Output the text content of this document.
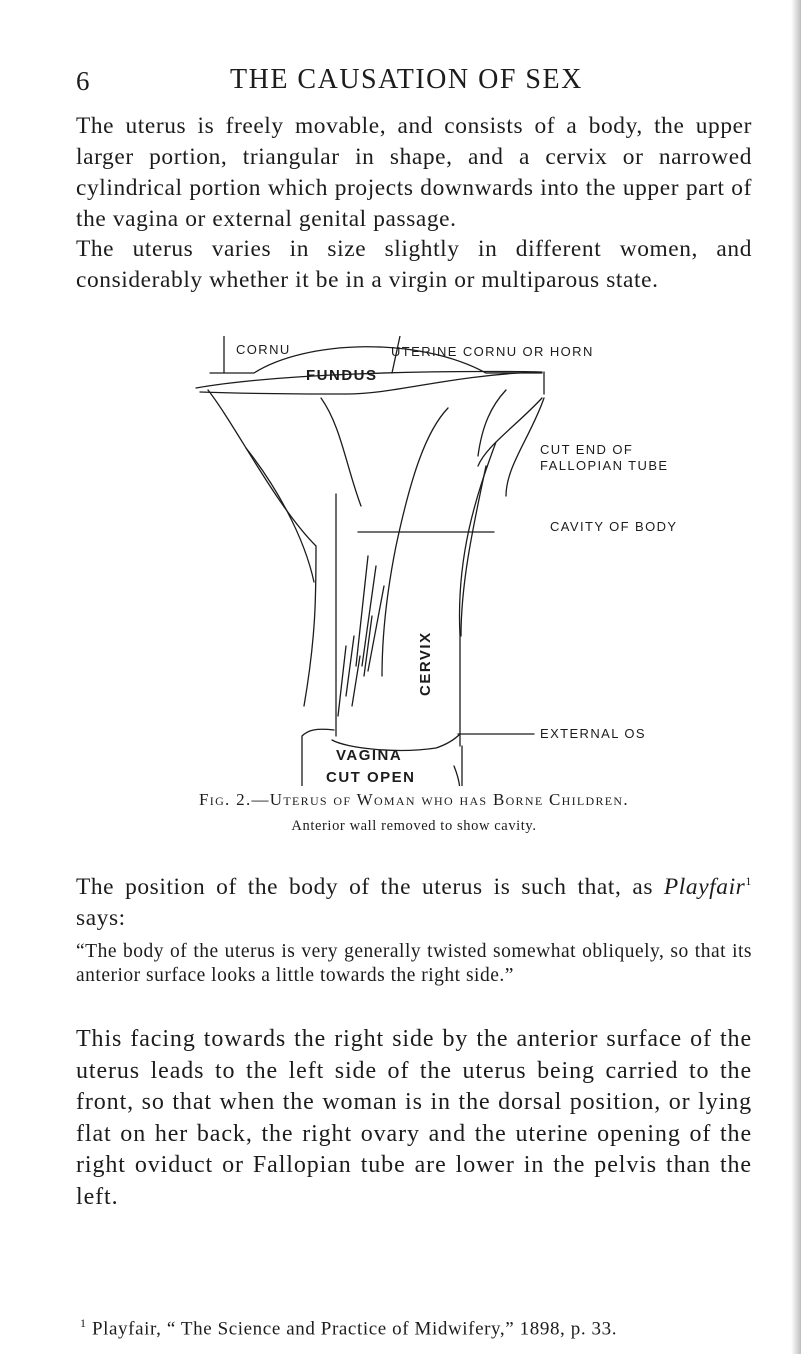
6	THE CAUSATION OF SEX

The uterus is freely movable, and consists of a body, the upper larger portion, triangular in shape, and a cervix or narrowed cylindrical portion which projects downwards into the upper part of the vagina or external genital passage.

The uterus varies in size slightly in different women, and considerably whether it be in a virgin or multiparous state.

CORNU	UTERINE CORNU OR HORN
FUNDUS
CUT END OF
FALLOPIAN TUBE
CAVITY OF BODY
CERVIX
EXTERNAL OS
VAGINA
CUT OPEN
Fig. 2.—Uterus of Woman who has Borne Children.
Anterior wall removed to show cavity.

The position of the body of the uterus is such that, as Playfair$^1$ says:

“The body of the uterus is very generally twisted somewhat obliquely, so that its anterior surface looks a little towards the right side.”

This facing towards the right side by the anterior surface of the uterus leads to the left side of the uterus being carried to the front, so that when the woman is in the dorsal position, or lying flat on her back, the right ovary and the uterine opening of the right oviduct or Fallopian tube are lower in the pelvis than the left.

$^1$ Playfair, “ The Science and Practice of Midwifery,” 1898, p. 33.
